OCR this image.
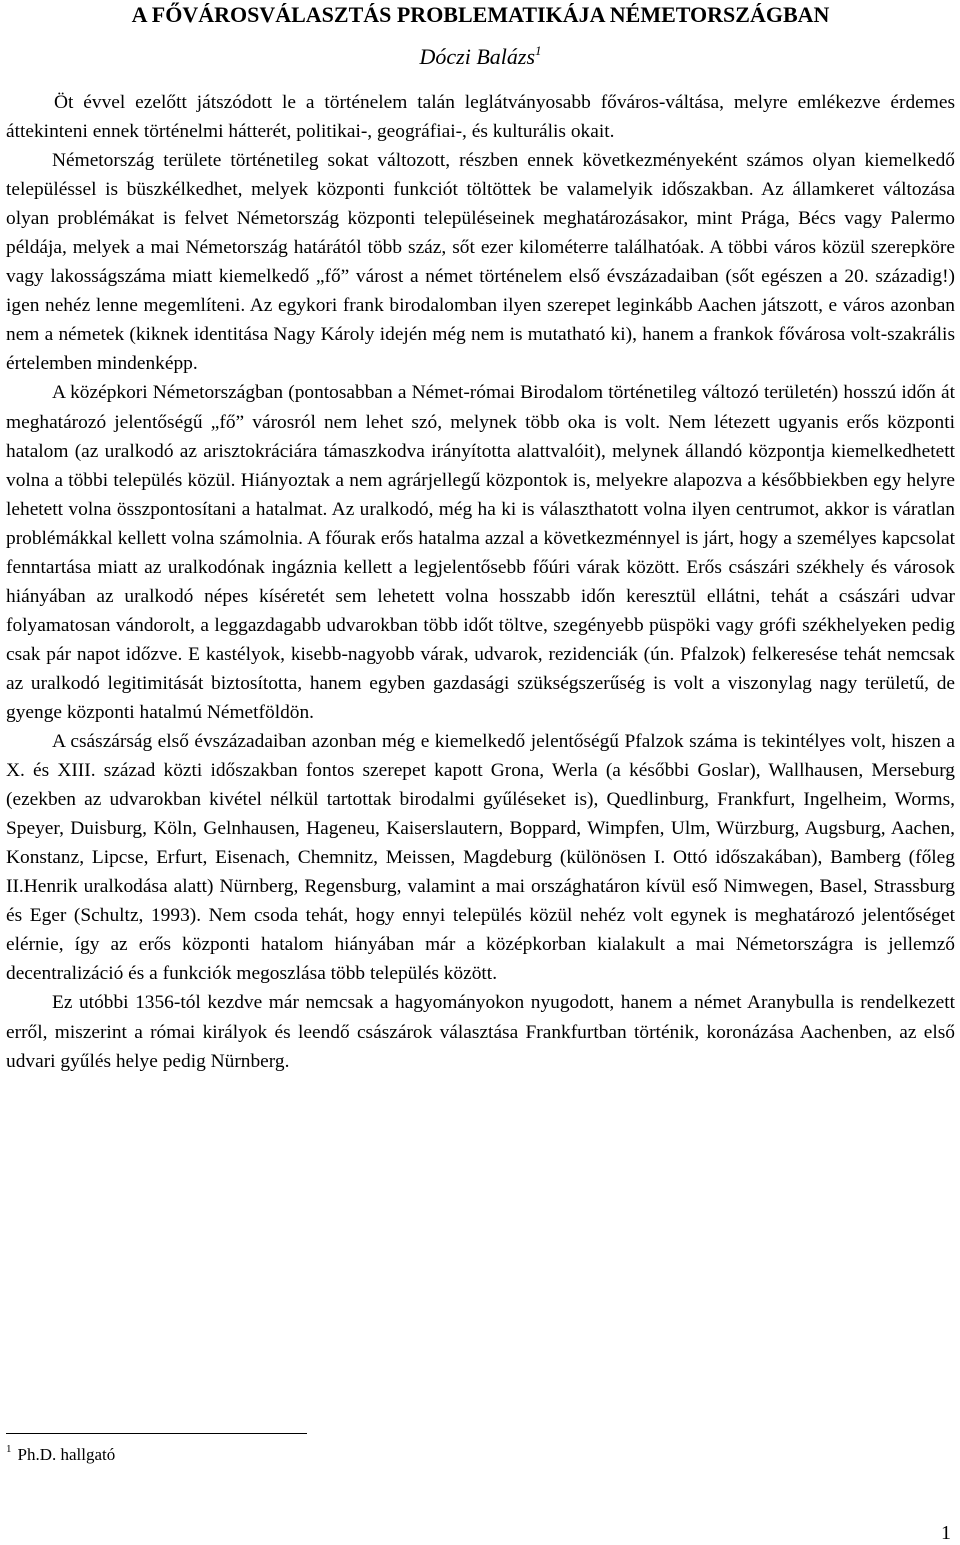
A FŐVÁROSVÁLASZTÁS PROBLEMATIKÁJA NÉMETORSZÁGBAN
Dóczi Balázs$^1$

Öt évvel ezelőtt játszódott le a történelem talán leglátványosabb főváros-váltása, melyre emlékezve érdemes áttekinteni ennek történelmi hátterét, politikai-, geográfiai-, és kulturális okait.

Németország területe történetileg sokat változott, részben ennek következményeként számos olyan kiemelkedő településsel is büszkélkedhet, melyek központi funkciót töltöttek be valamelyik időszakban. Az államkeret változása olyan problémákat is felvet Németország központi településeinek meghatározásakor, mint Prága, Bécs vagy Palermo példája, melyek a mai Németország határától több száz, sőt ezer kilométerre találhatóak. A többi város közül szerepköre vagy lakosságszáma miatt kiemelkedő „fő” várost a német történelem első évszázadaiban (sőt egészen a 20. századig!) igen nehéz lenne megemlíteni. Az egykori frank birodalomban ilyen szerepet leginkább Aachen játszott, e város azonban nem a németek (kiknek identitása Nagy Károly idején még nem is mutatható ki), hanem a frankok fővárosa volt-szakrális értelemben mindenképp.

A középkori Németországban (pontosabban a Német-római Birodalom történetileg változó területén) hosszú időn át meghatározó jelentőségű „fő” városról nem lehet szó, melynek több oka is volt. Nem létezett ugyanis erős központi hatalom (az uralkodó az arisztokráciára támaszkodva irányította alattvalóit), melynek állandó központja kiemelkedhetett volna a többi település közül. Hiányoztak a nem agrárjellegű központok is, melyekre alapozva a későbbiekben egy helyre lehetett volna összpontosítani a hatalmat. Az uralkodó, még ha ki is választhatott volna ilyen centrumot, akkor is váratlan problémákkal kellett volna számolnia. A főurak erős hatalma azzal a következménnyel is járt, hogy a személyes kapcsolat fenntartása miatt az uralkodónak ingáznia kellett a legjelentősebb főúri várak között. Erős császári székhely és városok hiányában az uralkodó népes kíséretét sem lehetett volna hosszabb időn keresztül ellátni, tehát a császári udvar folyamatosan vándorolt, a leggazdagabb udvarokban több időt töltve, szegényebb püspöki vagy grófi székhelyeken pedig csak pár napot időzve. E kastélyok, kisebb-nagyobb várak, udvarok, rezidenciák (ún. Pfalzok) felkeresése tehát nemcsak az uralkodó legitimitását biztosította, hanem egyben gazdasági szükségszerűség is volt a viszonylag nagy területű, de gyenge központi hatalmú Németföldön.

A császárság első évszázadaiban azonban még e kiemelkedő jelentőségű Pfalzok száma is tekintélyes volt, hiszen a X. és XIII. század közti időszakban fontos szerepet kapott Grona, Werla (a későbbi Goslar), Wallhausen, Merseburg (ezekben az udvarokban kivétel nélkül tartottak birodalmi gyűléseket is), Quedlinburg, Frankfurt, Ingelheim, Worms, Speyer, Duisburg, Köln, Gelnhausen, Hageneu, Kaiserslautern, Boppard, Wimpfen, Ulm, Würzburg, Augsburg, Aachen, Konstanz, Lipcse, Erfurt, Eisenach, Chemnitz, Meissen, Magdeburg (különösen I. Ottó időszakában), Bamberg (főleg II.Henrik uralkodása alatt) Nürnberg, Regensburg, valamint a mai országhatáron kívül eső Nimwegen, Basel, Strassburg és Eger (Schultz, 1993). Nem csoda tehát, hogy ennyi település közül nehéz volt egynek is meghatározó jelentőséget elérnie, így az erős központi hatalom hiányában már a középkorban kialakult a mai Németországra is jellemző decentralizáció és a funkciók megoszlása több település között.

Ez utóbbi 1356-tól kezdve már nemcsak a hagyományokon nyugodott, hanem a német Aranybulla is rendelkezett erről, miszerint a római királyok és leendő császárok választása Frankfurtban történik, koronázása Aachenben, az első udvari gyűlés helye pedig Nürnberg.

$^1$ Ph.D. hallgató
1
